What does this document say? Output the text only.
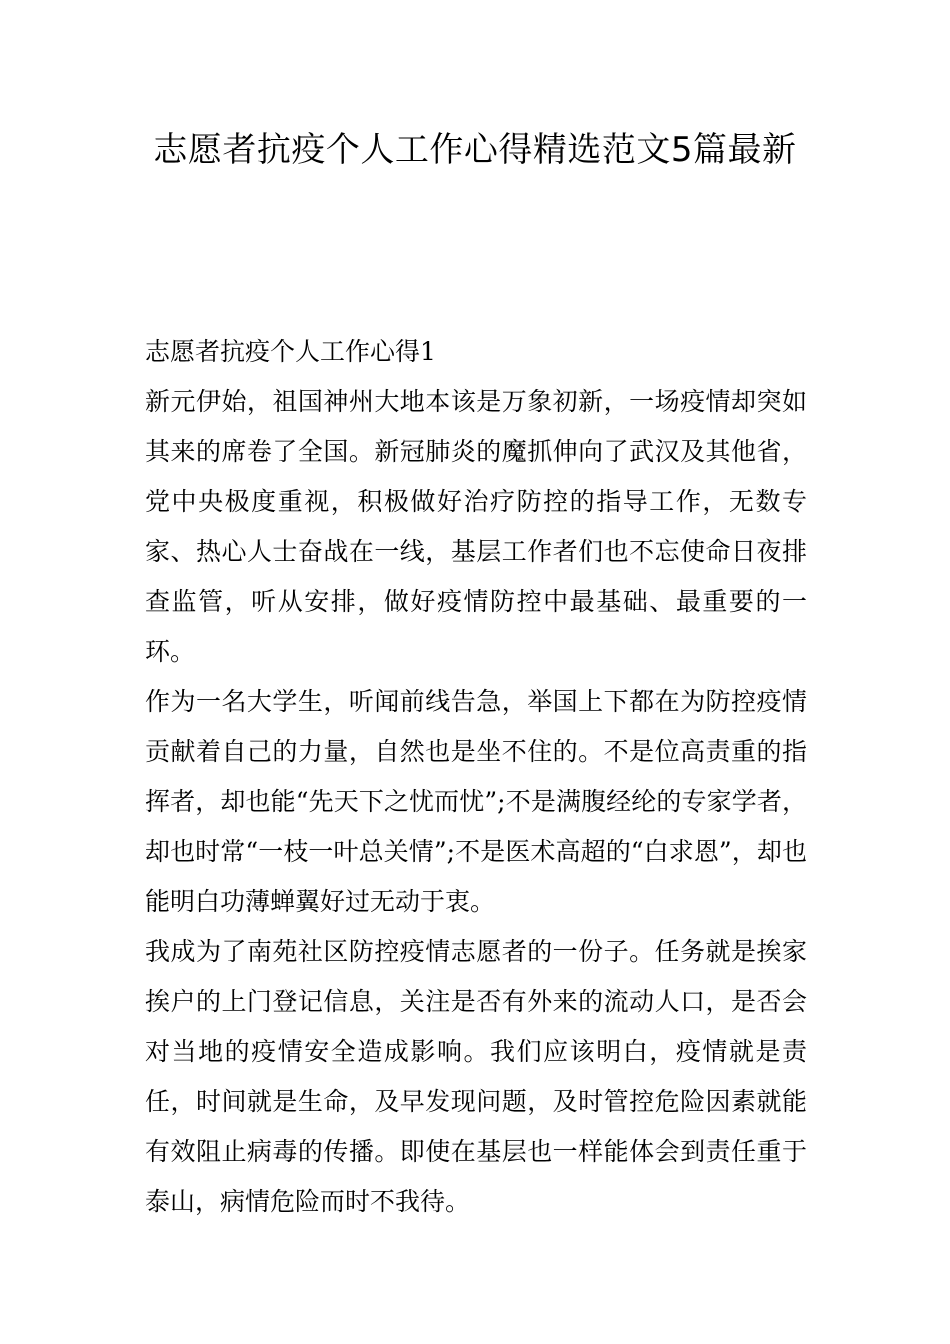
志愿者抗疫个人工作心得精选范文5篇最新
志愿者抗疫个人工作心得1

新元伊始，祖国神州大地本该是万象初新，一场疫情却突如其来的席卷了全国。新冠肺炎的魔抓伸向了武汉及其他省，党中央极度重视，积极做好治疗防控的指导工作，无数专家、热心人士奋战在一线，基层工作者们也不忘使命日夜排查监管，听从安排，做好疫情防控中最基础、最重要的一环。

作为一名大学生，听闻前线告急，举国上下都在为防控疫情贡献着自己的力量，自然也是坐不住的。不是位高责重的指挥者，却也能“先天下之忧而忧”;不是满腹经纶的专家学者，却也时常“一枝一叶总关情”;不是医术高超的“白求恩”，却也能明白功薄蝉翼好过无动于衷。

我成为了南苑社区防控疫情志愿者的一份子。任务就是挨家挨户的上门登记信息，关注是否有外来的流动人口，是否会对当地的疫情安全造成影响。我们应该明白，疫情就是责任，时间就是生命，及早发现问题，及时管控危险因素就能有效阻止病毒的传播。即使在基层也一样能体会到责任重于泰山，病情危险而时不我待。
